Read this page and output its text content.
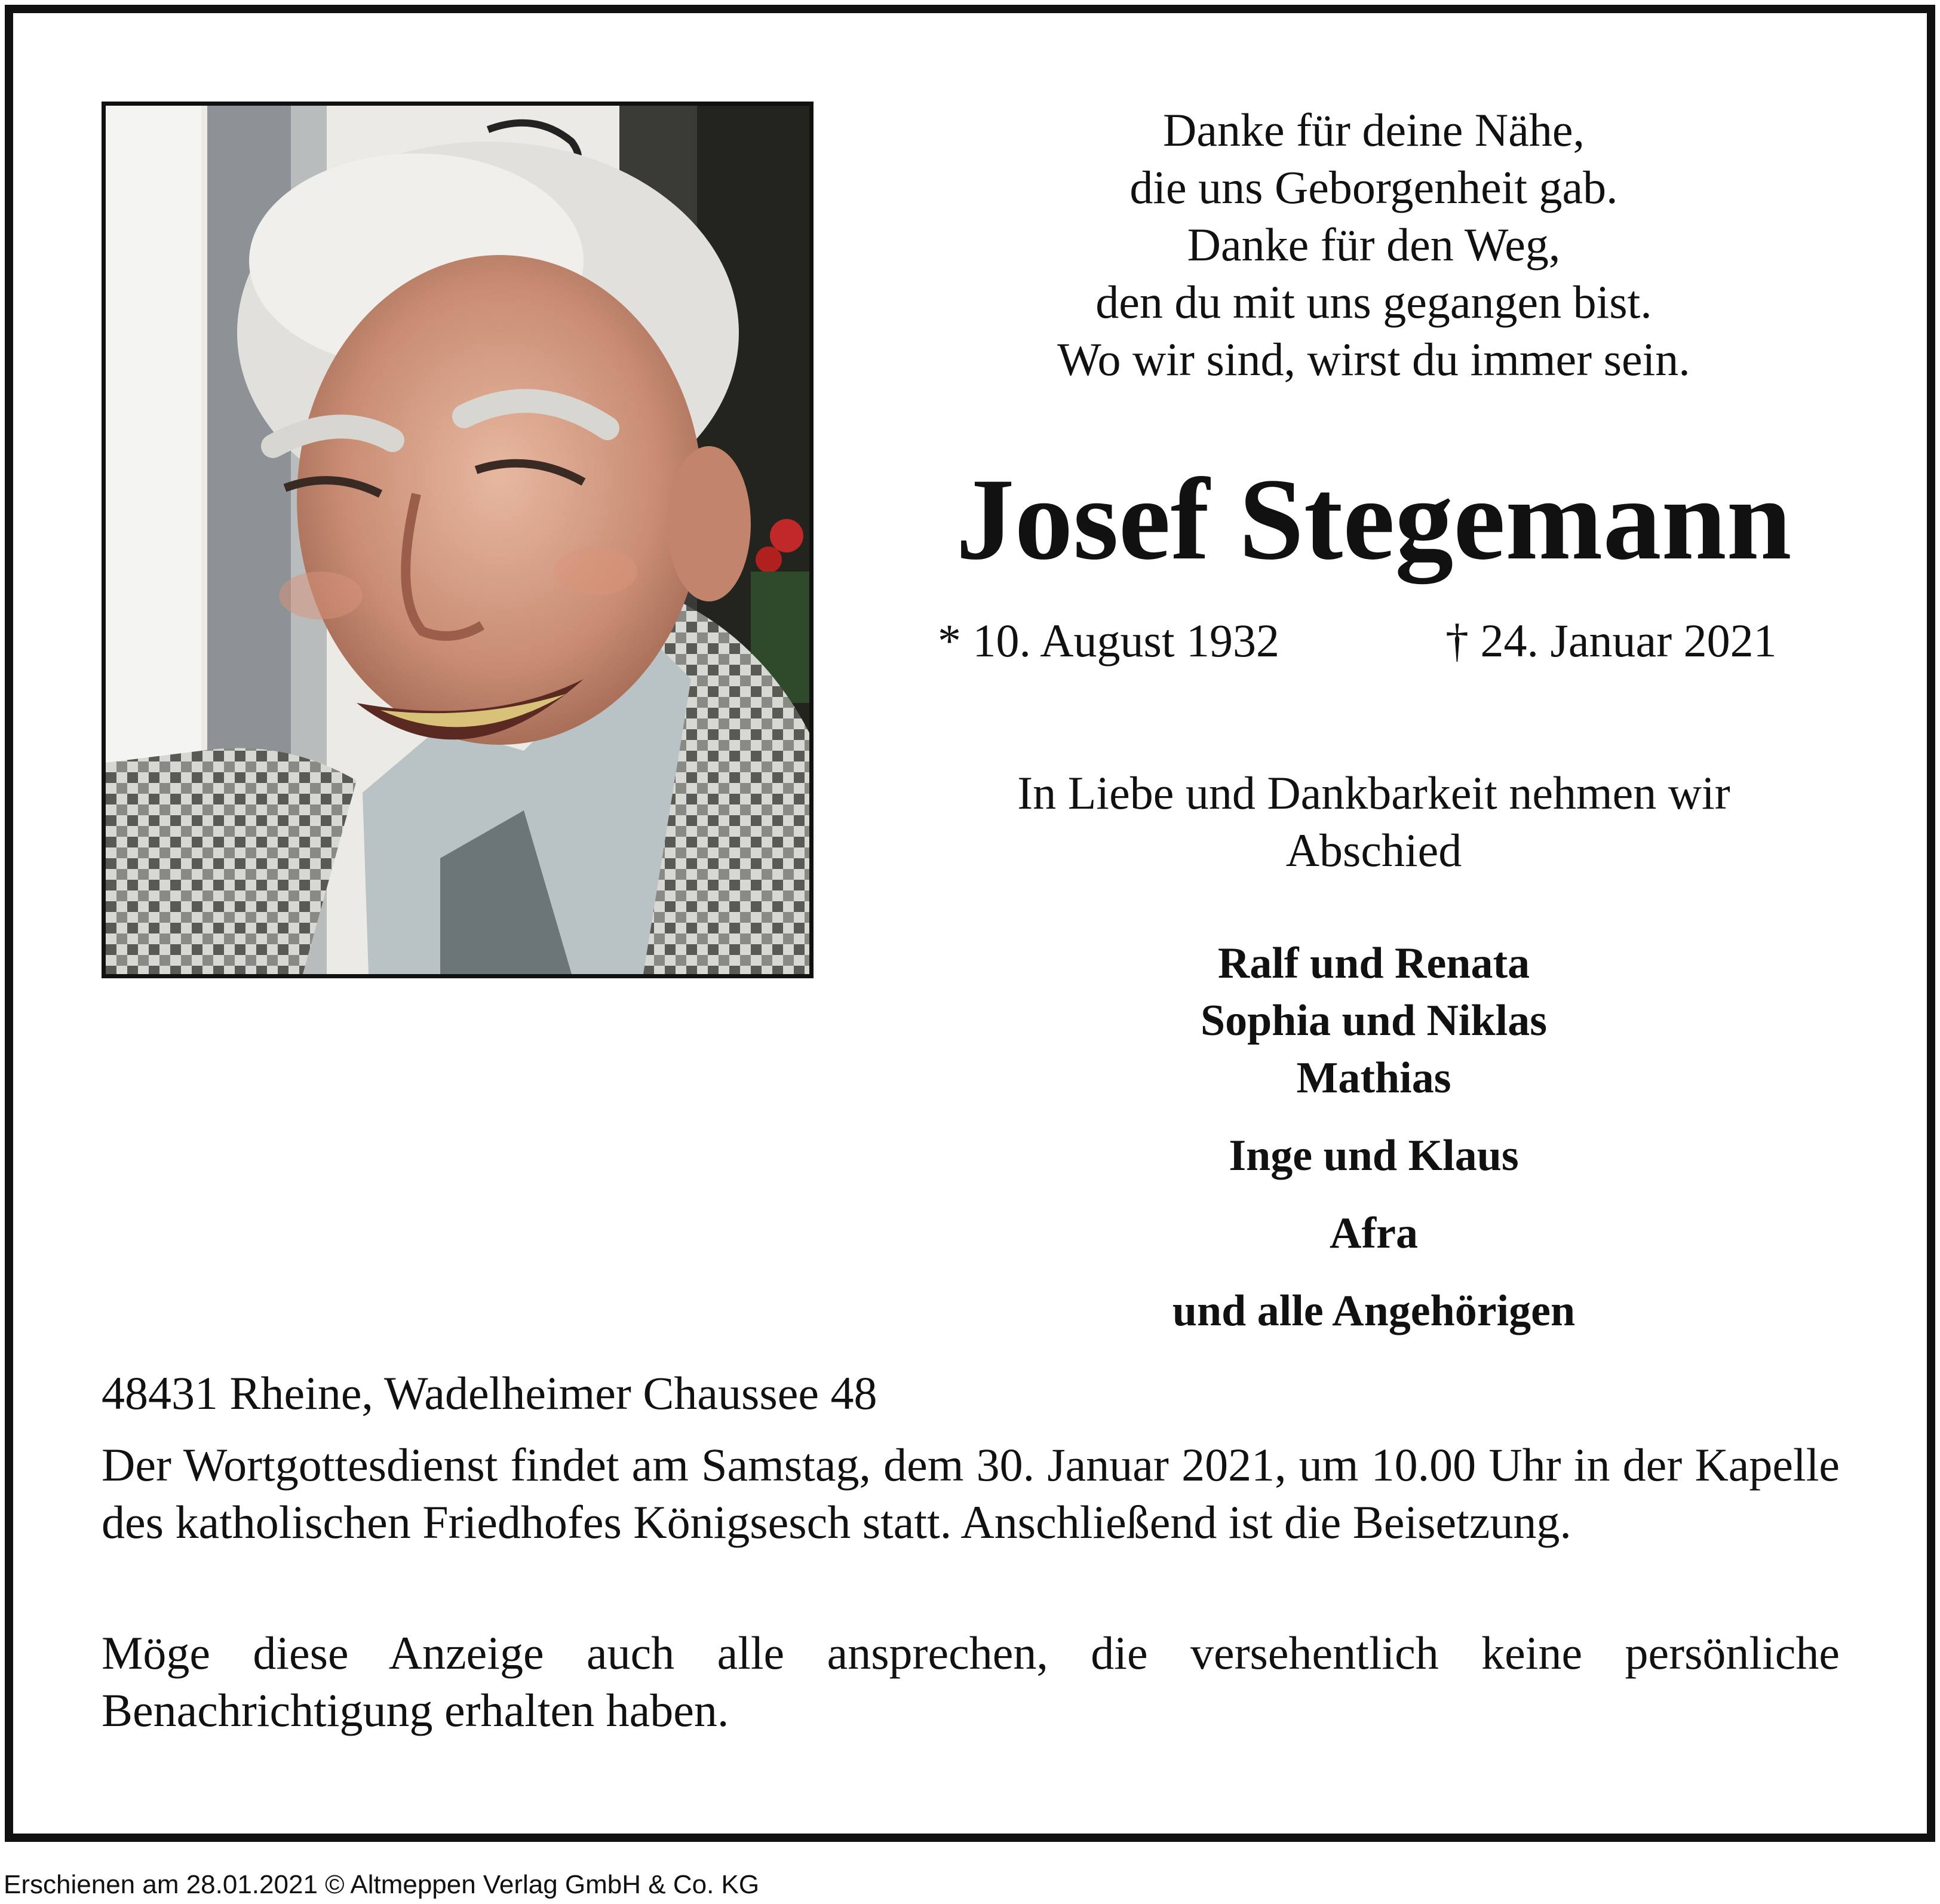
Danke für deine Nähe,
die uns Geborgenheit gab.
Danke für den Weg,
den du mit uns gegangen bist.
Wo wir sind, wirst du immer sein.
Josef Stegemann
* 10. August 1932	† 24. Januar 2021
In Liebe und Dankbarkeit nehmen wir
Abschied
Ralf und Renata
Sophia und Niklas
Mathias
Inge und Klaus
Afra
und alle Angehörigen
48431 Rheine, Wadelheimer Chaussee 48
Der Wortgottesdienst findet am Samstag, dem 30. Januar 2021, um 10.00 Uhr in der Kapelle des katholischen Friedhofes Königsesch statt. Anschließend ist die Beisetzung.
Möge diese Anzeige auch alle ansprechen, die versehentlich keine persönliche Benachrichtigung erhalten haben.
Erschienen am 28.01.2021 © Altmeppen Verlag GmbH & Co. KG
